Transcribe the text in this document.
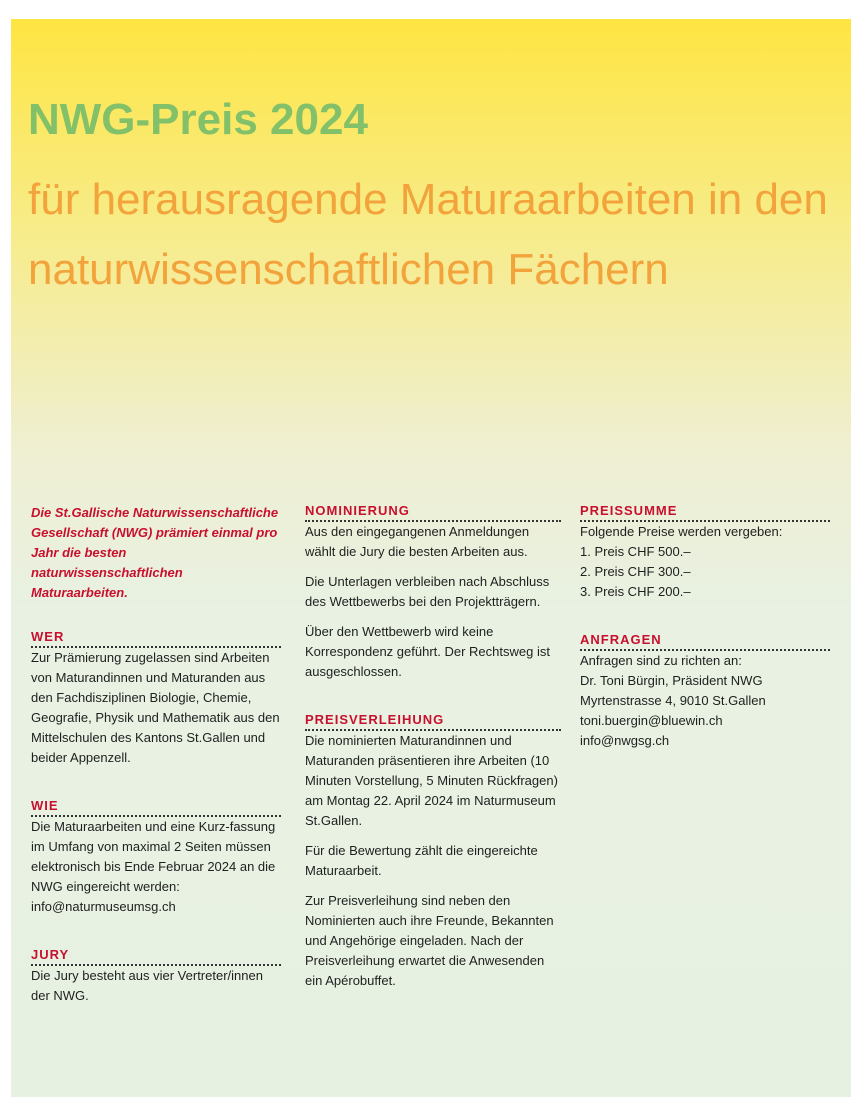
NWG-Preis 2024
für herausragende Maturaarbeiten in den naturwissenschaftlichen Fächern

Die St.Gallische Naturwissenschaftliche Gesellschaft (NWG) prämiert einmal pro Jahr die besten naturwissenschaftlichen Maturaarbeiten.

WER

Zur Prämierung zugelassen sind Arbeiten von Maturandinnen und Maturanden aus den Fachdisziplinen Biologie, Chemie, Geografie, Physik und Mathematik aus den Mittelschulen des Kantons St.Gallen und beider Appenzell.

WIE

Die Maturaarbeiten und eine Kurz-fassung im Umfang von maximal 2 Seiten müssen elektronisch bis Ende Februar 2024 an die NWG eingereicht werden: info@naturmuseumsg.ch

JURY

Die Jury besteht aus vier Vertreter/innen der NWG.

NOMINIERUNG

Aus den eingegangenen Anmeldungen wählt die Jury die besten Arbeiten aus.

Die Unterlagen verbleiben nach Abschluss des Wettbewerbs bei den Projektträgern.

Über den Wettbewerb wird keine Korrespondenz geführt. Der Rechtsweg ist ausgeschlossen.

PREISVERLEIHUNG

Die nominierten Maturandinnen und Maturanden präsentieren ihre Arbeiten (10 Minuten Vorstellung, 5 Minuten Rückfragen) am Montag 22. April 2024 im Naturmuseum St.Gallen.

Für die Bewertung zählt die eingereichte Maturaarbeit.

Zur Preisverleihung sind neben den Nominierten auch ihre Freunde, Bekannten und Angehörige eingeladen. Nach der Preisverleihung erwartet die Anwesenden ein Apérobuffet.

PREISSUMME

Folgende Preise werden vergeben:

1. Preis CHF 500.–

2. Preis CHF 300.–

3. Preis CHF 200.–

ANFRAGEN

Anfragen sind zu richten an:

Dr. Toni Bürgin, Präsident NWG

Myrtenstrasse 4, 9010 St.Gallen

toni.buergin@bluewin.ch

info@nwgsg.ch
